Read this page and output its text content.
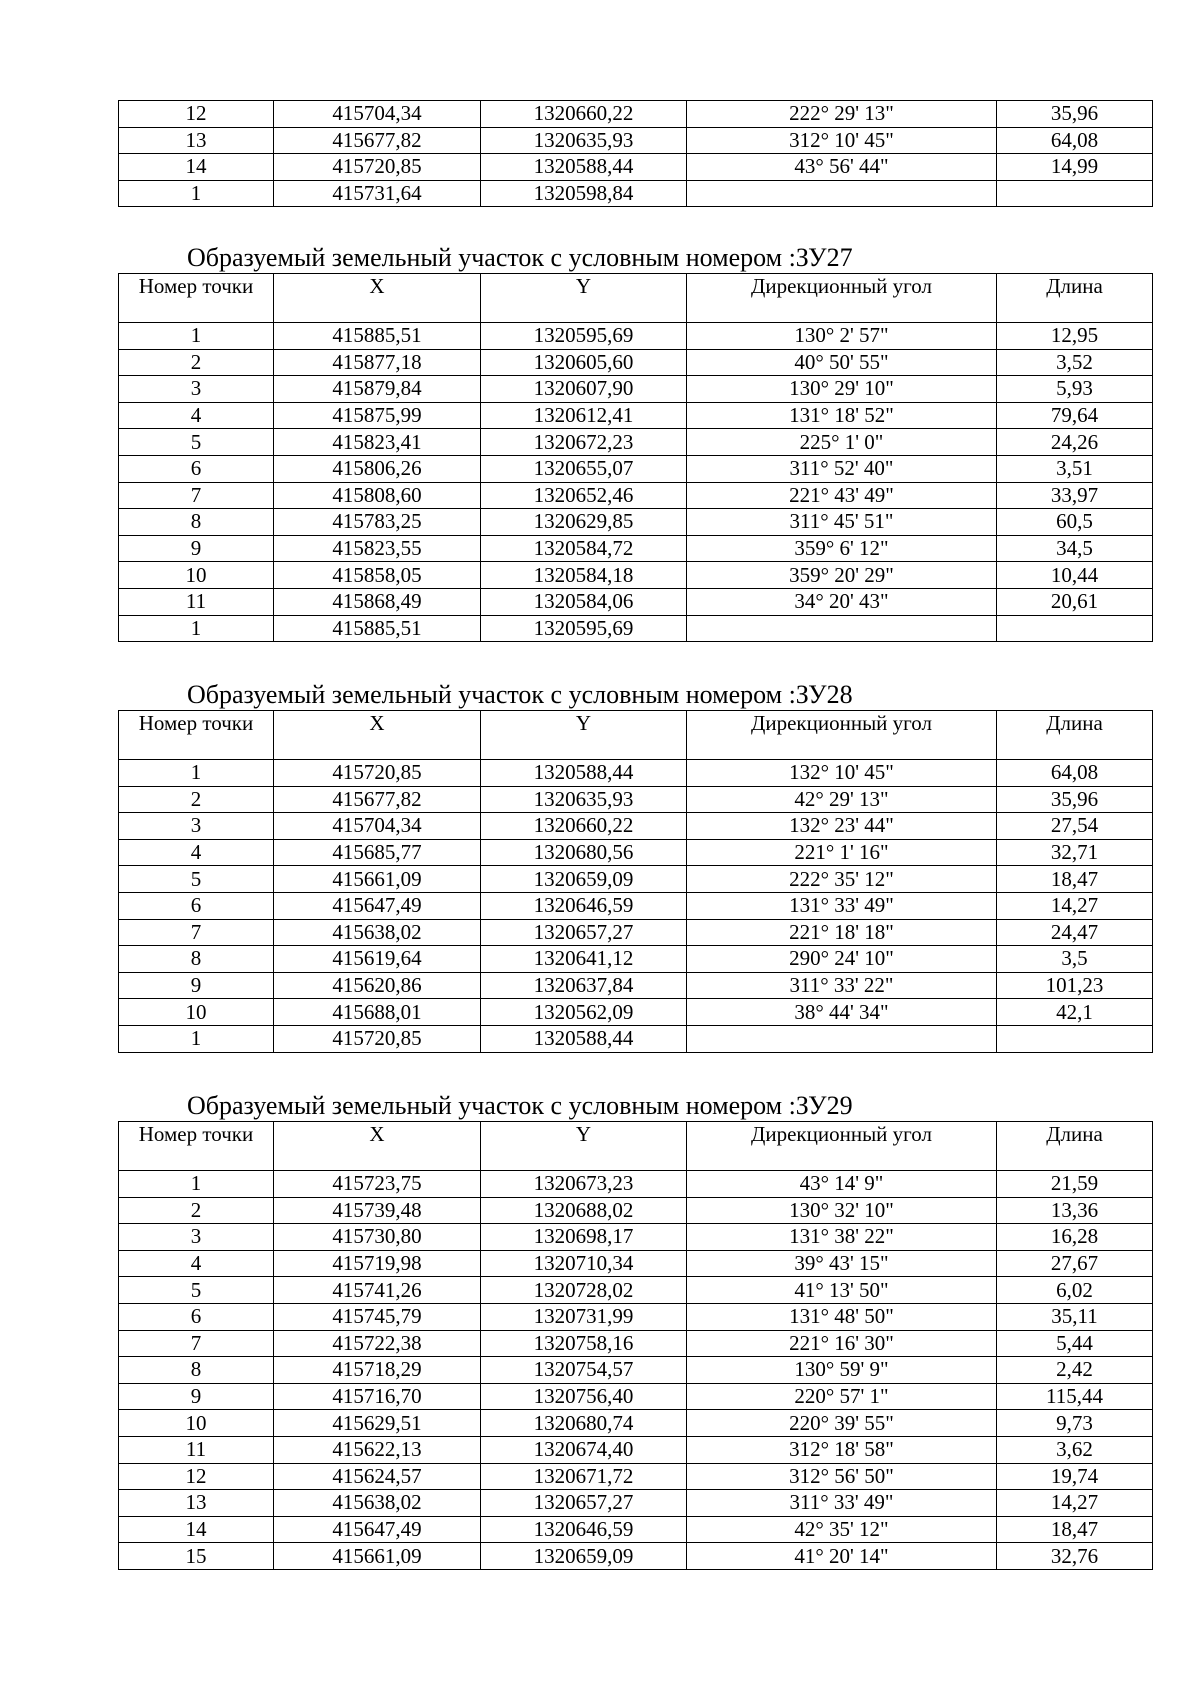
12	415704,34	1320660,22	222° 29' 13"	35,96
13	415677,82	1320635,93	312° 10' 45"	64,08
14	415720,85	1320588,44	43° 56' 44"	14,99
1	415731,64	1320598,84		
Образуемый земельный участок с условным номером :ЗУ27
Номер точки	X	Y	Дирекционный угол	Длина
1	415885,51	1320595,69	130° 2' 57"	12,95
2	415877,18	1320605,60	40° 50' 55"	3,52
3	415879,84	1320607,90	130° 29' 10"	5,93
4	415875,99	1320612,41	131° 18' 52"	79,64
5	415823,41	1320672,23	225° 1' 0"	24,26
6	415806,26	1320655,07	311° 52' 40"	3,51
7	415808,60	1320652,46	221° 43' 49"	33,97
8	415783,25	1320629,85	311° 45' 51"	60,5
9	415823,55	1320584,72	359° 6' 12"	34,5
10	415858,05	1320584,18	359° 20' 29"	10,44
11	415868,49	1320584,06	34° 20' 43"	20,61
1	415885,51	1320595,69		
Образуемый земельный участок с условным номером :ЗУ28
Номер точки	X	Y	Дирекционный угол	Длина
1	415720,85	1320588,44	132° 10' 45"	64,08
2	415677,82	1320635,93	42° 29' 13"	35,96
3	415704,34	1320660,22	132° 23' 44"	27,54
4	415685,77	1320680,56	221° 1' 16"	32,71
5	415661,09	1320659,09	222° 35' 12"	18,47
6	415647,49	1320646,59	131° 33' 49"	14,27
7	415638,02	1320657,27	221° 18' 18"	24,47
8	415619,64	1320641,12	290° 24' 10"	3,5
9	415620,86	1320637,84	311° 33' 22"	101,23
10	415688,01	1320562,09	38° 44' 34"	42,1
1	415720,85	1320588,44		
Образуемый земельный участок с условным номером :ЗУ29
Номер точки	X	Y	Дирекционный угол	Длина
1	415723,75	1320673,23	43° 14' 9"	21,59
2	415739,48	1320688,02	130° 32' 10"	13,36
3	415730,80	1320698,17	131° 38' 22"	16,28
4	415719,98	1320710,34	39° 43' 15"	27,67
5	415741,26	1320728,02	41° 13' 50"	6,02
6	415745,79	1320731,99	131° 48' 50"	35,11
7	415722,38	1320758,16	221° 16' 30"	5,44
8	415718,29	1320754,57	130° 59' 9"	2,42
9	415716,70	1320756,40	220° 57' 1"	115,44
10	415629,51	1320680,74	220° 39' 55"	9,73
11	415622,13	1320674,40	312° 18' 58"	3,62
12	415624,57	1320671,72	312° 56' 50"	19,74
13	415638,02	1320657,27	311° 33' 49"	14,27
14	415647,49	1320646,59	42° 35' 12"	18,47
15	415661,09	1320659,09	41° 20' 14"	32,76
